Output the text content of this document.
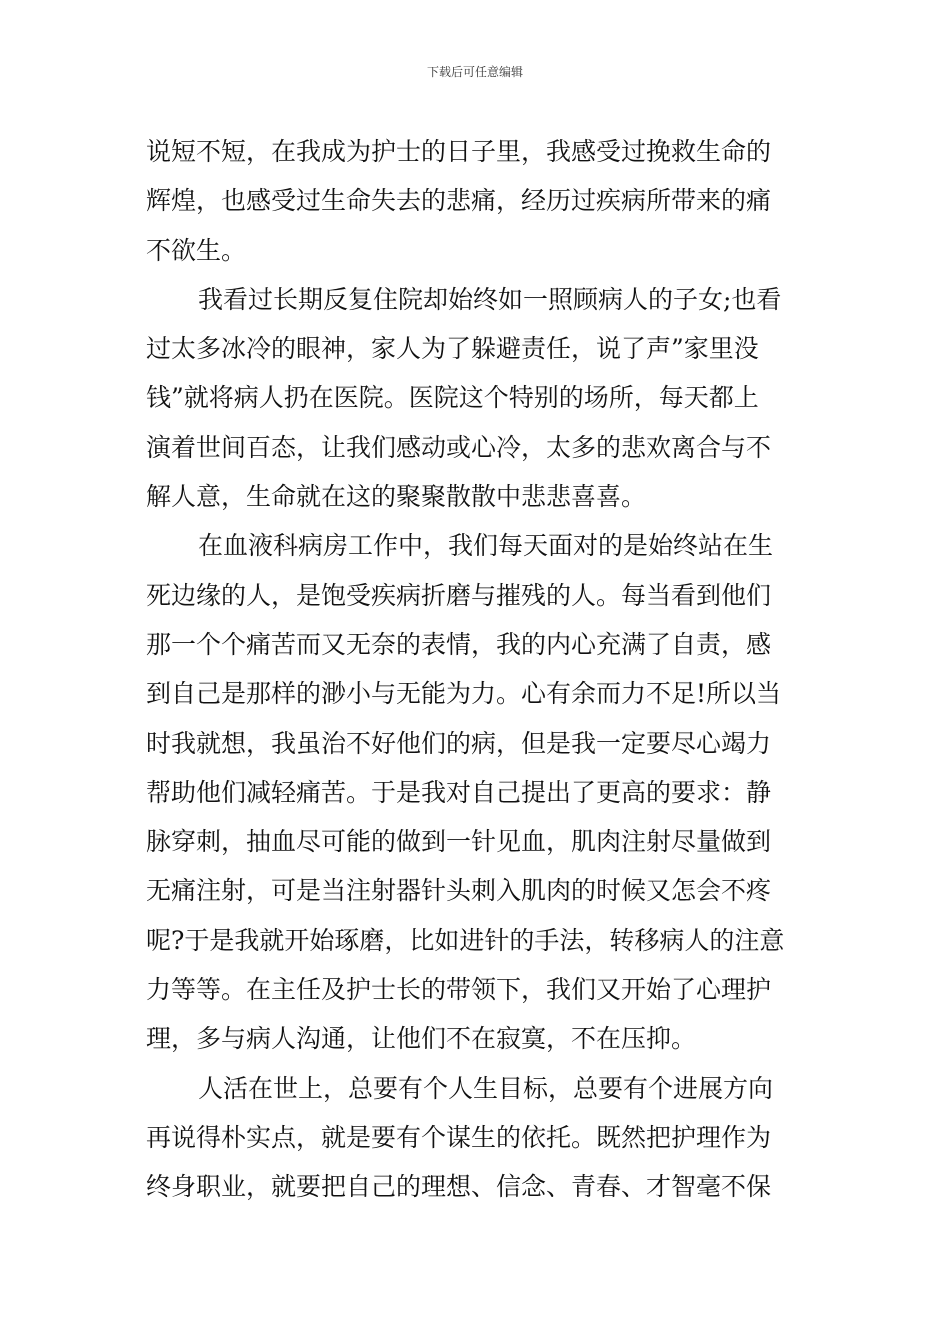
下载后可任意编辑

说短不短，在我成为护士的日子里，我感受过挽救生命的
辉煌，也感受过生命失去的悲痛，经历过疾病所带来的痛
不欲生。

我看过长期反复住院却始终如一照顾病人的子女;也看
过太多冰冷的眼神，家人为了躲避责任，说了声”家里没
钱”就将病人扔在医院。医院这个特别的场所，每天都上
演着世间百态，让我们感动或心冷，太多的悲欢离合与不
解人意，生命就在这的聚聚散散中悲悲喜喜。

在血液科病房工作中，我们每天面对的是始终站在生
死边缘的人，是饱受疾病折磨与摧残的人。每当看到他们
那一个个痛苦而又无奈的表情，我的内心充满了自责，感
到自己是那样的渺小与无能为力。心有余而力不足!所以当
时我就想，我虽治不好他们的病，但是我一定要尽心竭力
帮助他们减轻痛苦。于是我对自己提出了更高的要求：静
脉穿刺，抽血尽可能的做到一针见血，肌肉注射尽量做到
无痛注射，可是当注射器针头刺入肌肉的时候又怎会不疼
呢?于是我就开始琢磨，比如进针的手法，转移病人的注意
力等等。在主任及护士长的带领下，我们又开始了心理护
理，多与病人沟通，让他们不在寂寞，不在压抑。

人活在世上，总要有个人生目标，总要有个进展方向
再说得朴实点，就是要有个谋生的依托。既然把护理作为
终身职业，就要把自己的理想、信念、青春、才智毫不保
